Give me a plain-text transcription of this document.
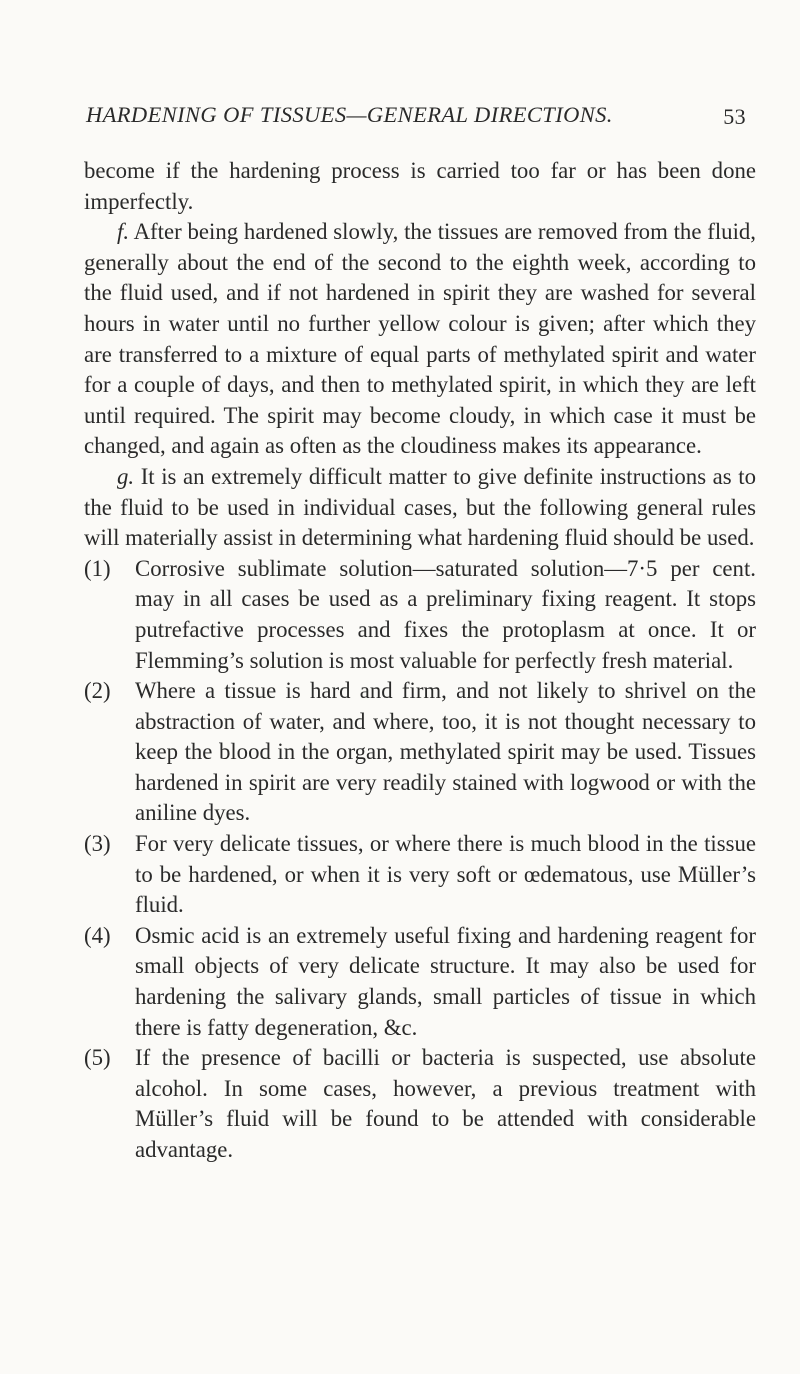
HARDENING OF TISSUES—GENERAL DIRECTIONS.	53

become if the hardening process is carried too far or has been done imperfectly.

f. After being hardened slowly, the tissues are removed from the fluid, generally about the end of the second to the eighth week, according to the fluid used, and if not hardened in spirit they are washed for several hours in water until no further yellow colour is given; after which they are transferred to a mixture of equal parts of methylated spirit and water for a couple of days, and then to methylated spirit, in which they are left until required. The spirit may become cloudy, in which case it must be changed, and again as often as the cloudiness makes its appearance.

g. It is an extremely difficult matter to give definite instructions as to the fluid to be used in individual cases, but the following general rules will materially assist in determining what hardening fluid should be used.

(1) Corrosive sublimate solution—saturated solution—7·5 per cent. may in all cases be used as a preliminary fixing reagent. It stops putrefactive processes and fixes the protoplasm at once. It or Flemming’s solution is most valuable for perfectly fresh material.

(2) Where a tissue is hard and firm, and not likely to shrivel on the abstraction of water, and where, too, it is not thought necessary to keep the blood in the organ, methylated spirit may be used. Tissues hardened in spirit are very readily stained with logwood or with the aniline dyes.

(3) For very delicate tissues, or where there is much blood in the tissue to be hardened, or when it is very soft or œdematous, use Müller’s fluid.

(4) Osmic acid is an extremely useful fixing and hardening reagent for small objects of very delicate structure. It may also be used for hardening the salivary glands, small particles of tissue in which there is fatty degeneration, &c.

(5) If the presence of bacilli or bacteria is suspected, use absolute alcohol. In some cases, however, a previous treatment with Müller’s fluid will be found to be attended with considerable advantage.
